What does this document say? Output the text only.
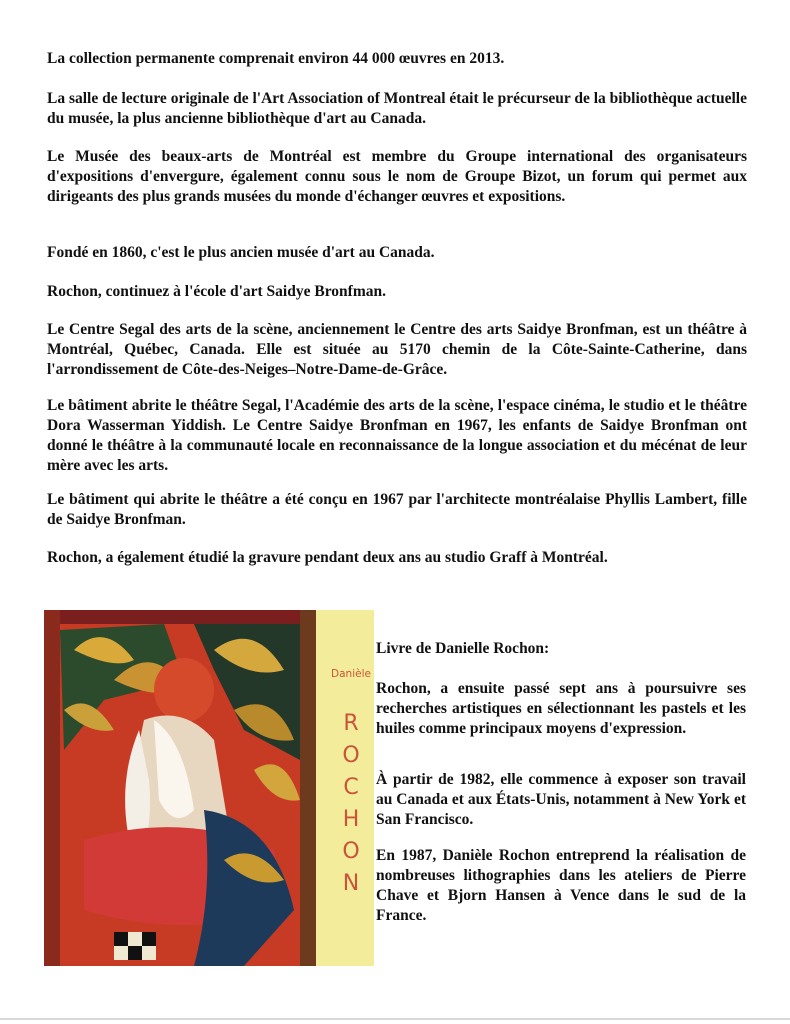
La collection permanente comprenait environ 44 000 œuvres en 2013.

La salle de lecture originale de l'Art Association of Montreal était le précurseur de la bibliothèque actuelle du musée, la plus ancienne bibliothèque d'art au Canada.

Le Musée des beaux-arts de Montréal est membre du Groupe international des organisateurs d'expositions d'envergure, également connu sous le nom de Groupe Bizot, un forum qui permet aux dirigeants des plus grands musées du monde d'échanger œuvres et expositions.

Fondé en 1860, c'est le plus ancien musée d'art au Canada.

Rochon, continuez à l'école d'art Saidye Bronfman.

Le Centre Segal des arts de la scène, anciennement le Centre des arts Saidye Bronfman, est un théâtre à Montréal, Québec, Canada. Elle est située au 5170 chemin de la Côte-Sainte-Catherine, dans l'arrondissement de Côte-des-Neiges–Notre-Dame-de-Grâce.

Le bâtiment abrite le théâtre Segal, l'Académie des arts de la scène, l'espace cinéma, le studio et le théâtre Dora Wasserman Yiddish. Le Centre Saidye Bronfman en 1967, les enfants de Saidye Bronfman ont donné le théâtre à la communauté locale en reconnaissance de la longue association et du mécénat de leur mère avec les arts.

Le bâtiment qui abrite le théâtre a été conçu en 1967 par l'architecte montréalaise Phyllis Lambert, fille de Saidye Bronfman.

Rochon, a également étudié la gravure pendant deux ans au studio Graff à Montréal.

Danièle
R
O
C
H
O
N

Livre de Danielle Rochon:

Rochon, a ensuite passé sept ans à poursuivre ses recherches artistiques en sélectionnant les pastels et les huiles comme principaux moyens d'expression.

À partir de 1982, elle commence à exposer son travail au Canada et aux États-Unis, notamment à New York et San Francisco.

En 1987, Danièle Rochon entreprend la réalisation de nombreuses lithographies dans les ateliers de Pierre Chave et Bjorn Hansen à Vence dans le sud de la France.
